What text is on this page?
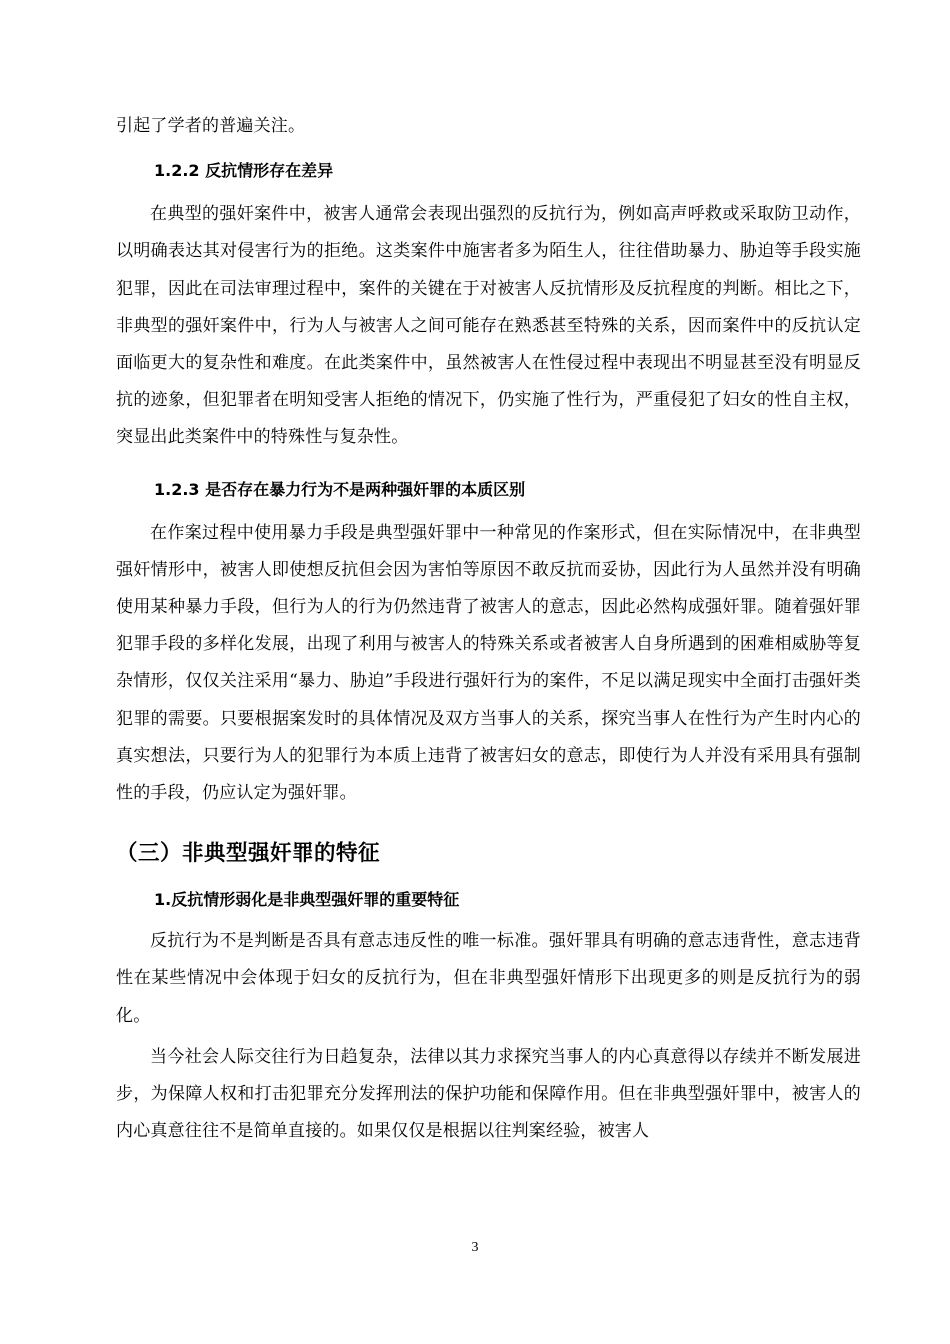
引起了学者的普遍关注。

1.2.2 反抗情形存在差异

在典型的强奸案件中，被害人通常会表现出强烈的反抗行为，例如高声呼救或采取防卫动作，以明确表达其对侵害行为的拒绝。这类案件中施害者多为陌生人，往往借助暴力、胁迫等手段实施犯罪，因此在司法审理过程中，案件的关键在于对被害人反抗情形及反抗程度的判断。相比之下，非典型的强奸案件中，行为人与被害人之间可能存在熟悉甚至特殊的关系，因而案件中的反抗认定面临更大的复杂性和难度。在此类案件中，虽然被害人在性侵过程中表现出不明显甚至没有明显反抗的迹象，但犯罪者在明知受害人拒绝的情况下，仍实施了性行为，严重侵犯了妇女的性自主权，突显出此类案件中的特殊性与复杂性。

1.2.3 是否存在暴力行为不是两种强奸罪的本质区别

在作案过程中使用暴力手段是典型强奸罪中一种常见的作案形式，但在实际情况中，在非典型强奸情形中，被害人即使想反抗但会因为害怕等原因不敢反抗而妥协，因此行为人虽然并没有明确使用某种暴力手段，但行为人的行为仍然违背了被害人的意志，因此必然构成强奸罪。随着强奸罪犯罪手段的多样化发展，出现了利用与被害人的特殊关系或者被害人自身所遇到的困难相威胁等复杂情形，仅仅关注采用“暴力、胁迫”手段进行强奸行为的案件，不足以满足现实中全面打击强奸类犯罪的需要。只要根据案发时的具体情况及双方当事人的关系，探究当事人在性行为产生时内心的真实想法，只要行为人的犯罪行为本质上违背了被害妇女的意志，即使行为人并没有采用具有强制性的手段，仍应认定为强奸罪。

（三）非典型强奸罪的特征
1.反抗情形弱化是非典型强奸罪的重要特征

反抗行为不是判断是否具有意志违反性的唯一标准。强奸罪具有明确的意志违背性，意志违背性在某些情况中会体现于妇女的反抗行为，但在非典型强奸情形下出现更多的则是反抗行为的弱化。

当今社会人际交往行为日趋复杂，法律以其力求探究当事人的内心真意得以存续并不断发展进步，为保障人权和打击犯罪充分发挥刑法的保护功能和保障作用。但在非典型强奸罪中，被害人的内心真意往往不是简单直接的。如果仅仅是根据以往判案经验，被害人

3
